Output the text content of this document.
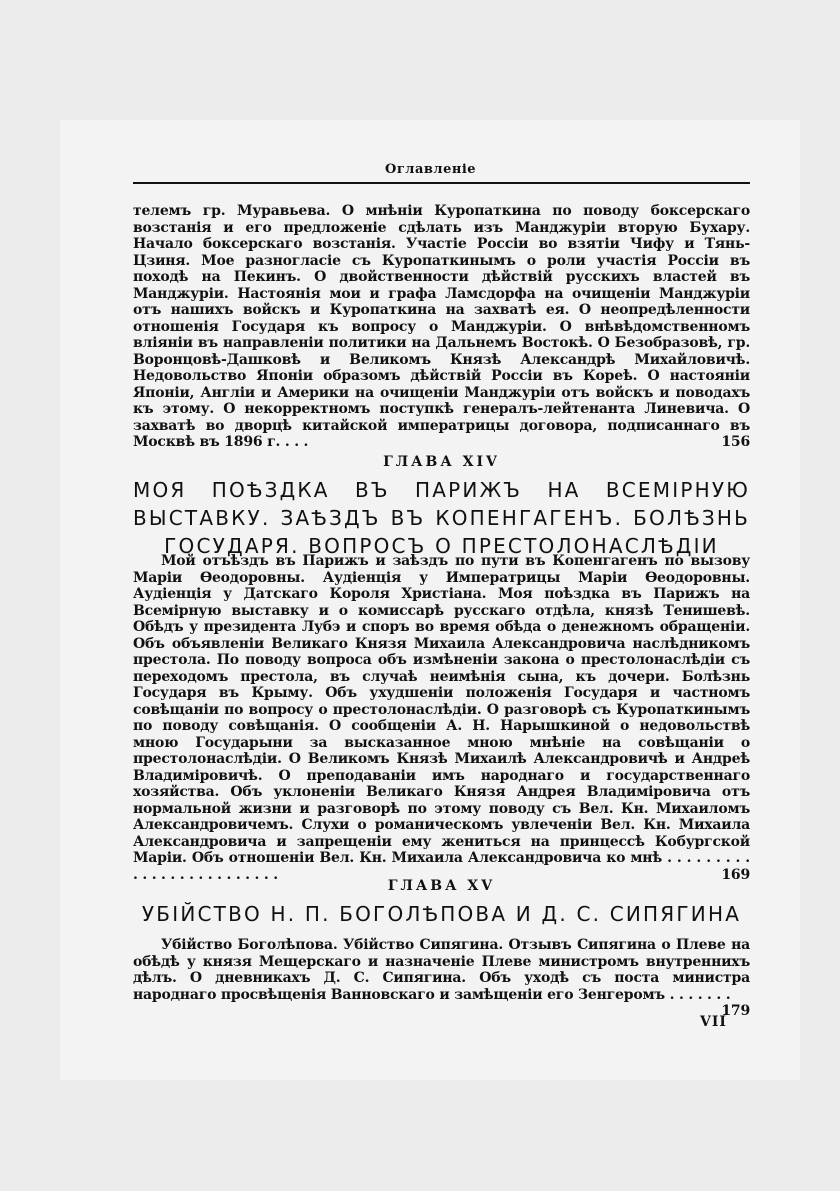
Оглавленіе

телемъ гр. Муравьева. О мнѣніи Куропаткина по поводу боксерскаго возстанія и его предложеніе сдѣлать изъ Манджуріи вторую Бухару. Начало боксерскаго возстанія. Участіе Россіи во взятіи Чифу и Тянь-Цзиня. Мое разногласіе съ Куропаткинымъ о роли участія Россіи въ походѣ на Пекинъ. О двойственности дѣйствій русскихъ властей въ Манджуріи. Настоянія мои и графа Ламсдорфа на очищеніи Манджуріи отъ нашихъ войскъ и Куропаткина на захватѣ ея. О неопредѣленности отношенія Государя къ вопросу о Манджуріи. О внѣвѣдомственномъ вліяніи въ направленіи политики на Дальнемъ Востокѣ. О Безобразовѣ, гр. Воронцовѣ-Дашковѣ и Великомъ Князѣ Александрѣ Михайловичѣ. Недовольство Японіи образомъ дѣйствій Россіи въ Кореѣ. О настояніи Японіи, Англіи и Америки на очищеніи Манджуріи отъ войскъ и поводахъ къ этому. О некорректномъ поступкѣ генералъ-лейтенанта Линевича. О захватѣ во дворцѣ китайской императрицы договора, подписаннаго въ Москвѣ въ 1896 г. . . .	156

ГЛАВА XIV
МОЯ ПОѢЗДКА ВЪ ПАРИЖЪ НА ВСЕМІРНУЮ ВЫСТАВКУ. ЗАѢЗДЪ ВЪ КОПЕНГАГЕНЪ. БОЛѢЗНЬ ГОСУДАРЯ. ВОПРОСЪ О ПРЕСТОЛОНАСЛѢДІИ

Мой отъѣздъ въ Парижъ и заѣздъ по пути въ Копенгагенъ по вызову Маріи Ѳеодоровны. Аудіенція у Императрицы Маріи Ѳеодоровны. Аудіенція у Датскаго Короля Христіана. Моя поѣздка въ Парижъ на Всемірную выставку и о комиссарѣ русскаго отдѣла, князѣ Тенишевѣ. Обѣдъ у президента Лубэ и споръ во время обѣда о денежномъ обращеніи. Объ объявленіи Великаго Князя Михаила Александровича наслѣдникомъ престола. По поводу вопроса объ измѣненіи закона о престолонаслѣдіи съ переходомъ престола, въ случаѣ неимѣнія сына, къ дочери. Болѣзнь Государя въ Крыму. Объ ухудшеніи положенія Государя и частномъ совѣщаніи по вопросу о престолонаслѣдіи. О разговорѣ съ Куропаткинымъ по поводу совѣщанія. О сообщеніи А. Н. Нарышкиной о недовольствѣ мною Государыни за высказанное мною мнѣніе на совѣщаніи о престолонаслѣдіи. О Великомъ Князѣ Михаилѣ Александровичѣ и Андреѣ Владиміровичѣ. О преподаваніи имъ народнаго и государственнаго хозяйства. Объ уклоненіи Великаго Князя Андрея Владиміровича отъ нормальной жизни и разговорѣ по этому поводу съ Вел. Кн. Михаиломъ Александровичемъ. Слухи о романическомъ увлеченіи Вел. Кн. Михаила Александровича и запрещеніи ему жениться на принцессѣ Кобургской Маріи. Объ отношеніи Вел. Кн. Михаила Александровича ко мнѣ . . . . . . . . . . . . . . . . . . . . . . . . .	169

ГЛАВА XV
УБІЙСТВО Н. П. БОГОЛѢПОВА И Д. С. СИПЯГИНА

Убійство Боголѣпова. Убійство Сипягина. Отзывъ Сипягина о Плеве на обѣдѣ у князя Мещерскаго и назначеніе Плеве министромъ внутреннихъ дѣлъ. О дневникахъ Д. С. Сипягина. Объ уходѣ съ поста министра народнаго просвѣщенія Ванновскаго и замѣщеніи его Зенгеромъ . . . . . . .
179

VII
